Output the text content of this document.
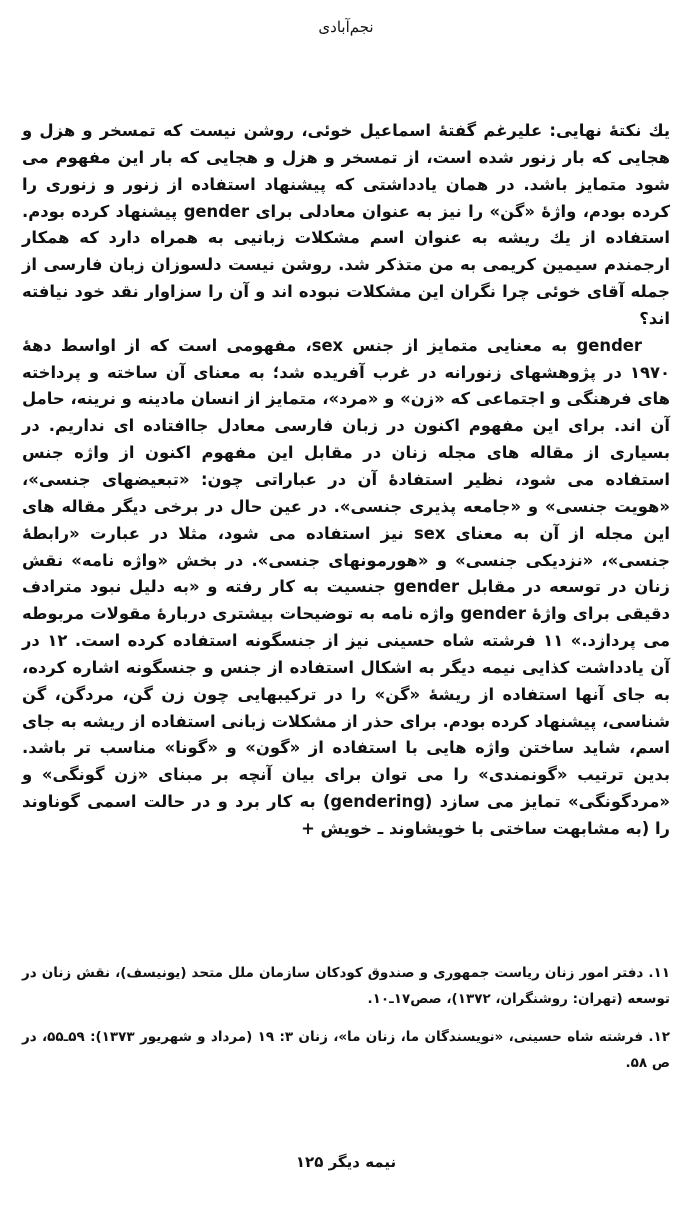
نجم‌آبادی

يك نكتهٔ نهايی: عليرغم گفتهٔ اسماعيل خوئی، روشن نيست كه تمسخر و هزل و هجايی كه بار زنور شده است، از تمسخر و هزل و هجايی كه بار اين مفهوم می شود متمايز باشد. در همان يادداشتی كه پيشنهاد استفاده از زنور و زنوری را كرده بودم، واژهٔ «گن» را نيز به عنوان معادلی برای gender پيشنهاد كرده بودم. استفاده از يك ريشه به عنوان اسم مشكلات زبانيی به همراه دارد كه همكار ارجمندم سيمين كريمی به من متذكر شد. روشن نيست دلسوزان زبان فارسی از جمله آقای خوئی چرا نگران اين مشكلات نبوده اند و آن را سزاوار نقد خود نيافته اند؟

gender به معنايی متمايز از جنس sex، مفهومی است كه از اواسط دههٔ ۱۹۷۰ در پژوهشهای زنورانه در غرب آفريده شد؛ به معنای آن ساخته و پرداخته های فرهنگی و اجتماعی كه «زن» و «مرد»، متمايز از انسان مادينه و نرينه، حامل آن اند. برای اين مفهوم اكنون در زبان فارسی معادل جاافتاده ای نداريم. در بسياری از مقاله های مجله زنان در مقابل اين مفهوم اكنون از واژه جنس استفاده می شود، نظير استفادهٔ آن در عباراتی چون: «تبعيضهای جنسی»، «هويت جنسی» و «جامعه پذيری جنسی». در عين حال در برخی ديگر مقاله های اين مجله از آن به معنای sex نيز استفاده می شود، مثلا در عبارت «رابطهٔ جنسی»، «نزديكی جنسی» و «هورمونهای جنسی». در بخش «واژه نامه» نقش زنان در توسعه در مقابل gender جنسيت به كار رفته و «به دليل نبود مترادف دقيقی برای واژهٔ gender واژه نامه به توضيحات بيشتری دربارهٔ مقولات مربوطه می پردازد.» ۱۱ فرشته شاه حسينی نيز از جنسگونه استفاده كرده است. ۱۲ در آن يادداشت كذايی نيمه ديگر به اشكال استفاده از جنس و جنسگونه اشاره كرده، به جای آنها استفاده از ريشهٔ «گن» را در تركيبهايی چون زن گن، مردگن، گن شناسی، پيشنهاد كرده بودم. برای حذر از مشكلات زبانی استفاده از ريشه به جای اسم، شايد ساختن واژه هايی با استفاده از «گون» و «گونا» مناسب تر باشد. بدين ترتيب «گونمندی» را می توان برای بيان آنچه بر مبنای «زن گونگی» و «مردگونگی» تمايز می سازد (gendering) به كار برد و در حالت اسمی گوناوند را (به مشابهت ساختی با خويشاوند ـ خويش +

۱۱. دفتر امور زنان رياست جمهوری و صندوق كودكان سازمان ملل متحد (يونيسف)، نقش زنان در توسعه (تهران: روشنگران، ۱۳۷۲)، صص۱۷ـ۱۰.

۱۲. فرشته شاه حسينی، «نويسندگان ما، زنان ما»، زنان ۳: ۱۹ (مرداد و شهريور ۱۳۷۳): ۵۹ـ۵۵، در ص ۵۸.

نيمه ديگر ۱۲۵
